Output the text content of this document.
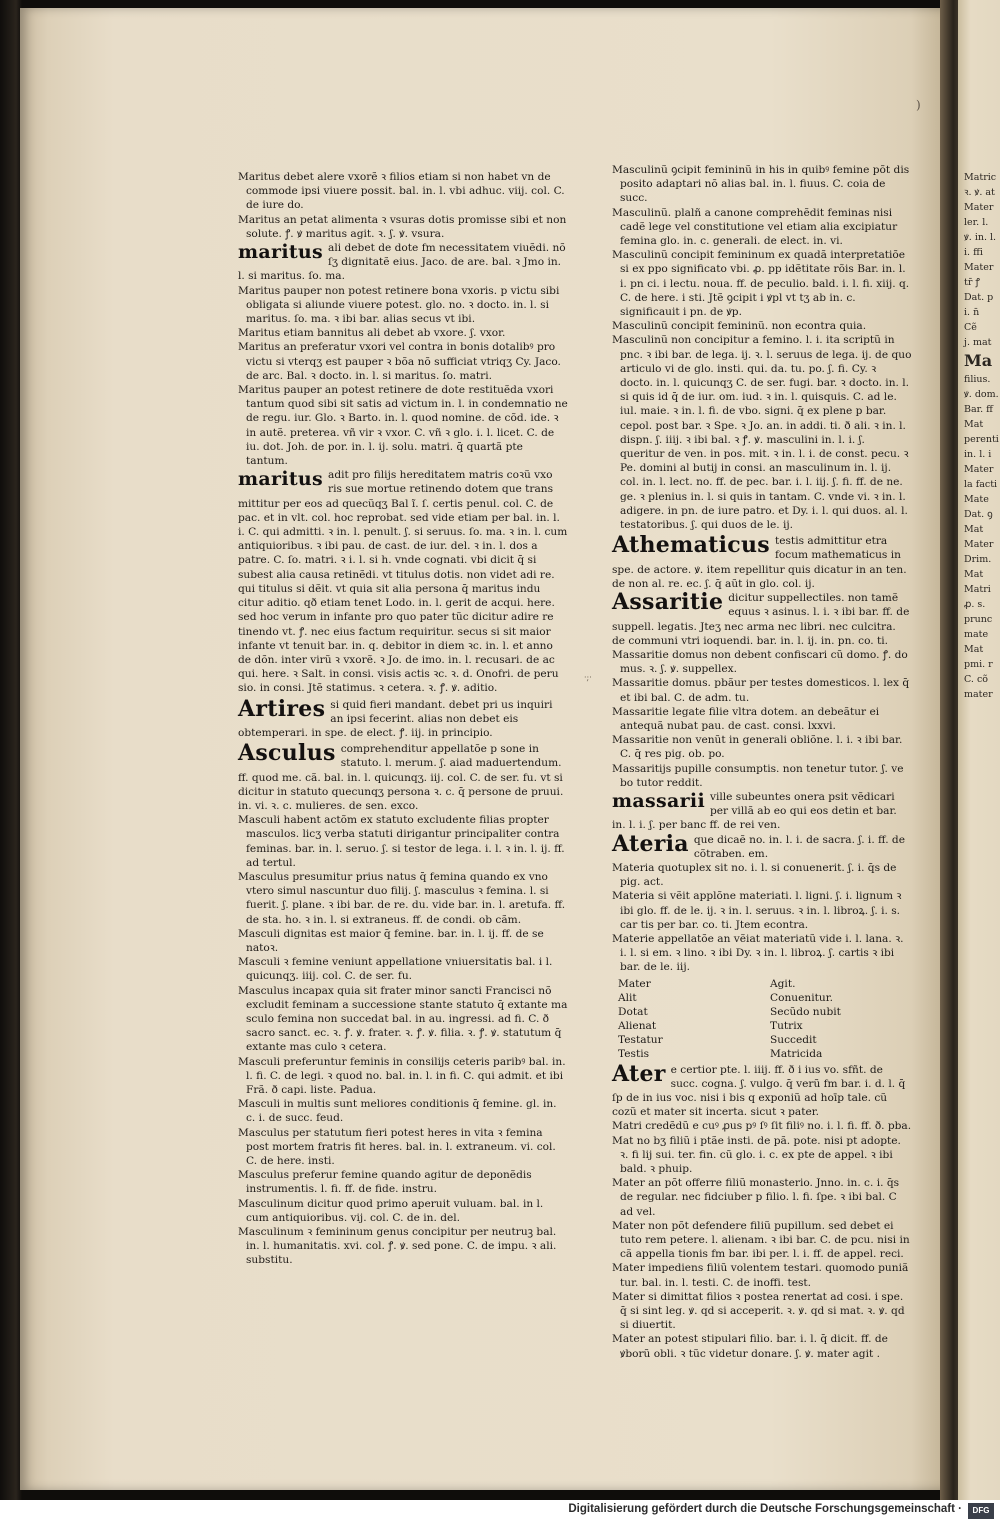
)
Matric
ꝛ. ꝟ. at
Mater
ler. l.
ꝟ. in. l.
i. ffi
Mater
tr̄ ꝭ
Dat. p
i. n̄
Cẽ
j. mat
Ma
filius.
ꝟ. dom.
Bar. ff
Mat
perenti
in. l. i
Mater
la facti
Mate
Dat. ꝯ
Mat
Mater
Drim.
Mat
Matri
ꝓ. s.
prunc
mate
Mat
pmi. r
C. cõ
mater
·;·

Maritus debet alere vxorẽ ꝛ filios etiam si non habet vn de commode ipsi viuere possit. bal. in. l. vbi adhuc. viij. col. C. de iure do.

Maritus an petat alimenta ꝛ vsuras dotis promisse sibi et non solute. ꝭ. ꝟ maritus agit. ꝛ. ʃ. ꝟ. vsura.

maritus ali debet de dote fm necessitatem viuẽdi. nõ ſʒ dignitatẽ eius. Jaco. de are. bal. ꝛ Jmo in. l. si maritus. ſo. ma.

Maritus pauper non potest retinere bona vxoris. p victu sibi obligata si aliunde viuere potest. glo. no. ꝛ docto. in. l. si maritus. ſo. ma. ꝛ ibi bar. alias secus vt ibi.

Maritus etiam bannitus ali debet ab vxore. ʃ. vxor.

Maritus an preferatur vxori vel contra in bonis dotalibꝰ pro victu si vterqʒ est pauper ꝛ bõa nõ sufficiat vtriqʒ Cy. Jaco. de arc. Bal. ꝛ docto. in. l. si maritus. ſo. matri.

Maritus pauper an potest retinere de dote restituẽda vxori tantum quod sibi sit satis ad victum in. l. in condemnatio ne de regu. iur. Glo. ꝛ Barto. in. l. quod nomine. de cõd. ide. ꝛ in autẽ. preterea. vñ vir ꝛ vxor. C. vñ ꝛ glo. i. l. licet. C. de iu. dot. Joh. de por. in. l. ij. solu. matri. q̄ quartã pte tantum.

maritus adit pro filijs hereditatem matris coꝛũ vxo ris sue mortue retinendo dotem que trans mittitur per eos ad quecũqʒ Bal ĩ. ſ. certis penul. col. C. de pac. et in vlt. col. hoc reprobat. sed vide etiam per bal. in. l. i. C. qui admitti. ꝛ in. l. penult. ʃ. si seruus. ſo. ma. ꝛ in. l. cum antiquioribus. ꝛ ibi pau. de cast. de iur. del. ꝛ in. l. dos a patre. C. ſo. matri. ꝛ i. l. si h. vnde cognati. vbi dicit q̄ si subest alia causa retinẽdi. vt titulus dotis. non videt adi re. qui titulus si dẽit. vt quia sit alia persona q̄ maritus indu citur aditio. qð etiam tenet Lodo. in. l. gerit de acqui. here. sed hoc verum in infante pro quo pater tũc dicitur adire re tinendo vt. ꝭ. nec eius factum requiritur. secus si sit maior infante vt tenuit bar. in. q. debitor in diem ꝛc. in. l. et anno de dõn. inter virũ ꝛ vxorẽ. ꝛ Jo. de imo. in. l. recusari. de ac qui. here. ꝛ Salt. in consi. visis actis ꝛc. ꝛ. d. Onofri. de peru sio. in consi. Jtẽ statimus. ꝛ cetera. ꝛ. ꝭ. ꝟ. aditio.
Artires si quid fieri mandant. debet pri us inquiri an ipsi fecerint. alias non debet eis obtemperari. in spe. de elect. ꝭ. iij. in principio.
Asculus comprehenditur appellatõe p sone in statuto. l. merum. ʃ. aiad maduertendum. ff. quod me. cã. bal. in. l. quicunqʒ. iij. col. C. de ser. fu. vt si dicitur in statuto quecunqʒ persona ꝛ. c. q̄ persone de pruui. in. vi. ꝛ. c. mulieres. de sen. exco.

Masculi habent actõm ex statuto excludente filias propter masculos. licʒ verba statuti dirigantur principaliter contra feminas. bar. in. l. seruo. ʃ. si testor de lega. i. l. ꝛ in. l. ij. ff. ad tertul.

Masculus presumitur prius natus q̄ femina quando ex vno vtero simul nascuntur duo filij. ʃ. masculus ꝛ femina. l. si fuerit. ʃ. plane. ꝛ ibi bar. de re. du. vide bar. in. l. aretufa. ff. de sta. ho. ꝛ in. l. si extraneus. ff. de condi. ob cãm.

Masculi dignitas est maior q̄ femine. bar. in. l. ij. ff. de se natoꝛ.

Masculi ꝛ femine veniunt appellatione vniuersitatis bal. i l. quicunqʒ. iiij. col. C. de ser. fu.

Masculus incapax quia sit frater minor sancti Francisci nõ excludit feminam a successione stante statuto q̄ extante ma sculo femina non succedat bal. in au. ingressi. ad fi. C. ð sacro sanct. ec. ꝛ. ꝭ. ꝟ. frater. ꝛ. ꝭ. ꝟ. filia. ꝛ. ꝭ. ꝟ. statutum q̄ extante mas culo ꝛ cetera.

Masculi preferuntur feminis in consilijs ceteris paribꝰ bal. in. l. fi. C. de legi. ꝛ quod no. bal. in. l. in fi. C. qui admit. et ibi Frã. ð capi. liste. Padua.

Masculi in multis sunt meliores conditionis q̄ femine. gl. in. c. i. de succ. feud.

Masculus per statutum fieri potest heres in vita ꝛ femina post mortem fratris fit heres. bal. in. l. extraneum. vi. col. C. de here. insti.

Masculus preferur femine quando agitur de deponẽdis instrumentis. l. fi. ff. de fide. instru.

Masculinum dicitur quod primo aperuit vuluam. bal. in l. cum antiquioribus. vij. col. C. de in. del.

Masculinum ꝛ femininum genus concipitur per neutruꝫ bal. in. l. humanitatis. xvi. col. ꝭ. ꝟ. sed pone. C. de impu. ꝛ ali. substitu.

Masculinũ ꝯcipit femininũ in his in quibꝰ femine põt dis posito adaptari nõ alias bal. in. l. fiuus. C. coia de succ.

Masculinũ. plalñ a canone comprehẽdit feminas nisi cadẽ lege vel constitutione vel etiam alia excipiatur femina glo. in. c. generali. de elect. in. vi.

Masculinũ concipit femininum ex quadã interpretatiõe si ex ppo significato vbi. ꝓ. pp idẽtitate rõis Bar. in. l. i. pn ci. i lectu. noua. ff. de peculio. bald. i. l. fi. xiij. q. C. de here. i sti. Jtẽ ꝯcipit i ꝟpl vt tʒ ab in. c. significauit i pn. de ꝟp.

Masculinũ concipit femininũ. non econtra quia.

Masculinũ non concipitur a femino. l. i. ita scriptũ in pnc. ꝛ ibi bar. de lega. ij. ꝛ. l. seruus de lega. ij. de quo articulo vi de glo. insti. qui. da. tu. po. ʃ. fi. Cy. ꝛ docto. in. l. quicunqʒ C. de ser. fugi. bar. ꝛ docto. in. l. si quis id q̄ de iur. om. iud. ꝛ in. l. quisquis. C. ad le. iul. maie. ꝛ in. l. fi. de vbo. signi. q̄ ex plene p bar. cepol. post bar. ꝛ Spe. ꝛ Jo. an. in addi. ti. ð ali. ꝛ in. l. dispn. ʃ. iiij. ꝛ ibi bal. ꝛ ꝭ. ꝟ. masculini in. l. i. ʃ. queritur de ven. in pos. mit. ꝛ in. l. i. de const. pecu. ꝛ Pe. domini al butij in consi. an masculinum in. l. ij. col. in. l. lect. no. ff. de pec. bar. i. l. iij. ʃ. fi. ff. de ne. ge. ꝛ plenius in. l. si quis in tantam. C. vnde vi. ꝛ in. l. adigere. in pn. de iure patro. et Dy. i. l. qui duos. al. l. testatoribus. ʃ. qui duos de le. ij.

Athematicus testis admittitur etra focum mathematicus in spe. de actore. ꝟ. item repellitur quis dicatur in an ten. de non al. re. ec. ʃ. q̄ aũt in glo. col. ij.
Assaritie dicitur suppellectiles. non tamẽ equus ꝛ asinus. l. i. ꝛ ibi bar. ff. de suppell. legatis. Jteʒ nec arma nec libri. nec culcitra. de communi vtri ioquendi. bar. in. l. ij. in. pn. co. ti.

Massaritie domus non debent confiscari cũ domo. ꝭ. do mus. ꝛ. ʃ. ꝟ. suppellex.

Massaritie domus. pbãur per testes domesticos. l. lex q̄ et ibi bal. C. de adm. tu.

Massaritie legate filie vltra dotem. an debeãtur ei antequã nubat pau. de cast. consi. lxxvi.

Massaritie non venũt in generali obliõne. l. i. ꝛ ibi bar. C. q̄ res pig. ob. po.

Massaritijs pupille consumptis. non tenetur tutor. ʃ. ve bo tutor reddit.

massarii ville subeuntes onera psit vẽdicari per villã ab eo qui eos detin et bar. in. l. i. ʃ. per banc ff. de rei ven.
Ateria que dicaẽ no. in. l. i. de sacra. ʃ. i. ff. de cõtraben. em.

Materia quotuplex sit no. i. l. si conuenerit. ʃ. i. q̄s de pig. act.

Materia si vẽit applõne materiati. l. ligni. ʃ. i. lignum ꝛ ibi glo. ff. de le. ij. ꝛ in. l. seruus. ꝛ in. l. libroꝝ. ʃ. i. s. car tis per bar. co. ti. Jtem econtra.

Materie appellatõe an vẽiat materiatũ vide i. l. lana. ꝛ. i. l. si em. ꝛ lino. ꝛ ibi Dy. ꝛ in. l. libroꝝ. ʃ. cartis ꝛ ibi bar. de le. iij.

Mater
Alit
Dotat
Alienat
Testatur
Testis
Agit.
Conuenitur.
Secũdo nubit
Tutrix
Succedit
Matricida
Ater e certior pte. l. iiij. ff. ð i ius vo. sfñt. de succ. cogna. ʃ. vulgo. q̄ verũ fm bar. i. d. l. q̄ ſp de in ius voc. nisi i bis q exponiũ ad hoīp tale. cũ cozũ et mater sit incerta. sicut ꝛ pater.

Matri credẽdũ e cuꝰ ꝓus pꝰ ſꝰ ſit filiꝰ no. i. l. fi. ff. ð. pba.

Mat no bʒ filiũ i ptãe insti. de pã. pote. nisi pt adopte. ꝛ. fi lij sui. ter. fin. cũ glo. i. c. ex pte de appel. ꝛ ibi bald. ꝛ phuip.

Mater an põt offerre filiũ monasterio. Jnno. in. c. i. q̄s de regular. nec fidciuber p filio. l. fi. ſpe. ꝛ ibi bal. C ad vel.

Mater non põt defendere filiũ pupillum. sed debet ei tuto rem petere. l. alienam. ꝛ ibi bar. C. de pcu. nisi in cã appella tionis fm bar. ibi per. l. i. ff. de appel. reci.

Mater impediens filiũ volentem testari. quomodo puniã tur. bal. in. l. testi. C. de inoffi. test.

Mater si dimittat filios ꝛ postea renertat ad cosi. i spe. q̄ si sint leg. ꝟ. qd si acceperit. ꝛ. ꝟ. qd si mat. ꝛ. ꝟ. qd si diuertit.

Mater an potest stipulari filio. bar. i. l. q̄ dicit. ff. de ꝟborũ obli. ꝛ tũc videtur donare. ʃ. ꝟ. mater agit .

Digitalisierung gefördert durch die Deutsche Forschungsgemeinschaft ·	DFG
